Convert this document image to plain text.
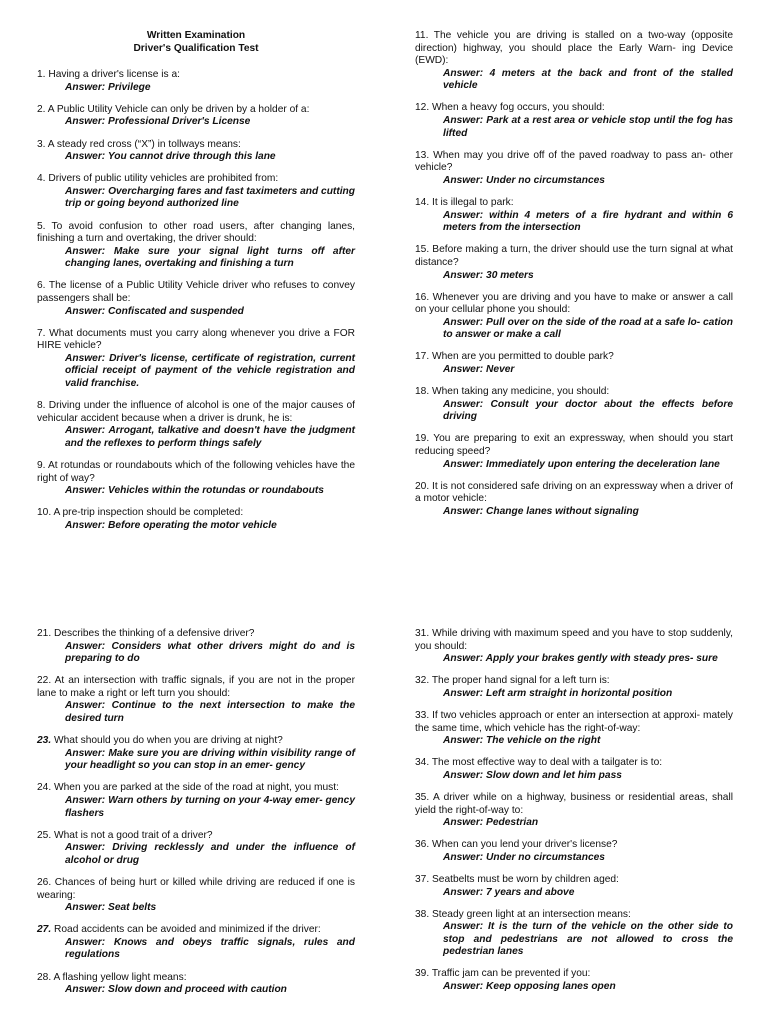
Written Examination
Driver's Qualification Test
1. Having a driver's license is a:
Answer: Privilege
2. A Public Utility Vehicle can only be driven by a holder of a:
Answer: Professional Driver's License
3. A steady red cross (“X”) in tollways means:
Answer: You cannot drive through this lane
4. Drivers of public utility vehicles are prohibited from:
Answer: Overcharging fares and fast taximeters and cutting trip or going beyond authorized line
5. To avoid confusion to other road users, after changing lanes, finishing a turn and overtaking, the driver should:
Answer: Make sure your signal light turns off after changing lanes, overtaking and finishing a turn
6. The license of a Public Utility Vehicle driver who refuses to convey passengers shall be:
Answer: Confiscated and suspended
7. What documents must you carry along whenever you drive a FOR HIRE vehicle?
Answer: Driver's license, certificate of registration, current official receipt of payment of the vehicle registration and valid franchise.
8. Driving under the influence of alcohol is one of the major causes of vehicular accident because when a driver is drunk, he is:
Answer: Arrogant, talkative and doesn't have the judgment and the reflexes to perform things safely
9. At rotundas or roundabouts which of the following vehicles have the right of way?
Answer: Vehicles within the rotundas or roundabouts
10. A pre-trip inspection should be completed:
Answer: Before operating the motor vehicle
11. The vehicle you are driving is stalled on a two-way (opposite direction) highway, you should place the Early Warn- ing Device (EWD):
Answer: 4 meters at the back and front of the stalled vehicle
12. When a heavy fog occurs, you should:
Answer: Park at a rest area or vehicle stop until the fog has lifted
13. When may you drive off of the paved roadway to pass an- other vehicle?
Answer: Under no circumstances
14. It is illegal to park:
Answer: within 4 meters of a fire hydrant and within 6 meters from the intersection
15. Before making a turn, the driver should use the turn signal at what distance?
Answer: 30 meters
16. Whenever you are driving and you have to make or answer a call on your cellular phone you should:
Answer: Pull over on the side of the road at a safe lo- cation to answer or make a call
17. When are you permitted to double park?
Answer: Never
18. When taking any medicine, you should:
Answer: Consult your doctor about the effects before driving
19. You are preparing to exit an expressway, when should you start reducing speed?
Answer: Immediately upon entering the deceleration lane
20. It is not considered safe driving on an expressway when a driver of a motor vehicle:
Answer: Change lanes without signaling
21. Describes the thinking of a defensive driver?
Answer: Considers what other drivers might do and is preparing to do
22. At an intersection with traffic signals, if you are not in the proper lane to make a right or left turn you should:
Answer: Continue to the next intersection to make the desired turn
23. What should you do when you are driving at night?
Answer: Make sure you are driving within visibility range of your headlight so you can stop in an emer- gency
24. When you are parked at the side of the road at night, you must:
Answer: Warn others by turning on your 4-way emer- gency flashers
25. What is not a good trait of a driver?
Answer: Driving recklessly and under the influence of alcohol or drug
26. Chances of being hurt or killed while driving are reduced if one is wearing:
Answer: Seat belts
27. Road accidents can be avoided and minimized if the driver:
Answer: Knows and obeys traffic signals, rules and regulations
28. A flashing yellow light means:
Answer: Slow down and proceed with caution
31. While driving with maximum speed and you have to stop suddenly, you should:
Answer: Apply your brakes gently with steady pres- sure
32. The proper hand signal for a left turn is:
Answer: Left arm straight in horizontal position
33. If two vehicles approach or enter an intersection at approxi- mately the same time, which vehicle has the right-of-way:
Answer: The vehicle on the right
34. The most effective way to deal with a tailgater is to:
Answer: Slow down and let him pass
35. A driver while on a highway, business or residential areas, shall yield the right-of-way to:
Answer: Pedestrian
36. When can you lend your driver's license?
Answer: Under no circumstances
37. Seatbelts must be worn by children aged:
Answer: 7 years and above
38. Steady green light at an intersection means:
Answer: It is the turn of the vehicle on the other side to stop and pedestrians are not allowed to cross the pedestrian lanes
39. Traffic jam can be prevented if you:
Answer: Keep opposing lanes open
